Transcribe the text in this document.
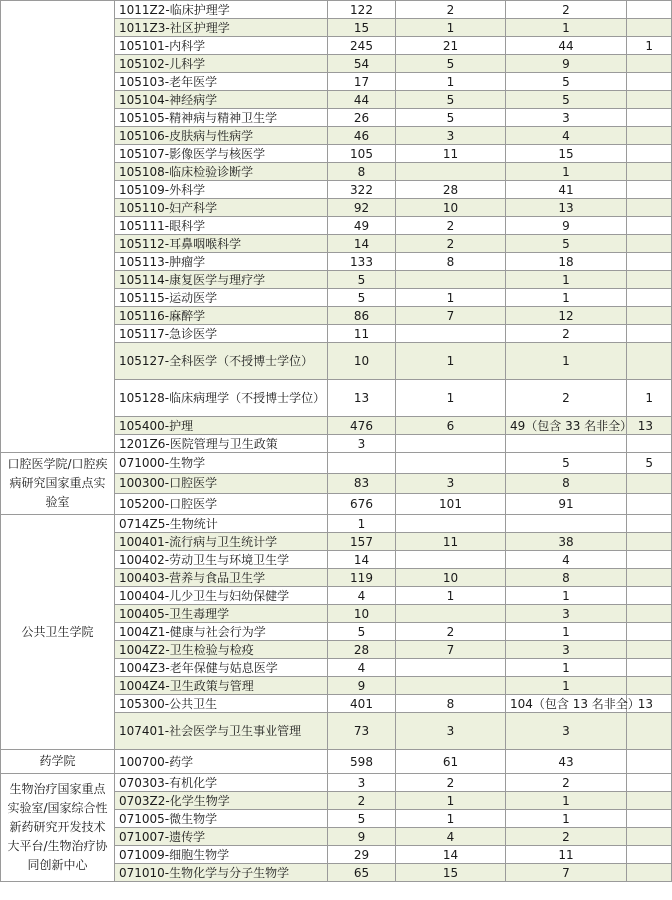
	1011Z2-临床护理学	122	2	2	
	1011Z3-社区护理学	15	1	1	
	105101-内科学	245	21	44	1
	105102-儿科学	54	5	9	
	105103-老年医学	17	1	5	
	105104-神经病学	44	5	5	
	105105-精神病与精神卫生学	26	5	3	
	105106-皮肤病与性病学	46	3	4	
	105107-影像医学与核医学	105	11	15	
	105108-临床检验诊断学	8		1	
	105109-外科学	322	28	41	
	105110-妇产科学	92	10	13	
	105111-眼科学	49	2	9	
	105112-耳鼻咽喉科学	14	2	5	
	105113-肿瘤学	133	8	18	
	105114-康复医学与理疗学	5		1	
	105115-运动医学	5	1	1	
	105116-麻醉学	86	7	12	
	105117-急诊医学	11		2	
	105127-全科医学（不授博士学位）	10	1	1	
	105128-临床病理学（不授博士学位）	13	1	2	1
	105400-护理	476	6	49（包含 33 名非全）	13
	1201Z6-医院管理与卫生政策	3			
口腔医学院/口腔疾病研究国家重点实验室	071000-生物学			5	5
	100300-口腔医学	83	3	8	
	105200-口腔医学	676	101	91	
公共卫生学院	0714Z5-生物统计	1			
	100401-流行病与卫生统计学	157	11	38	
	100402-劳动卫生与环境卫生学	14		4	
	100403-营养与食品卫生学	119	10	8	
	100404-儿少卫生与妇幼保健学	4	1	1	
	100405-卫生毒理学	10		3	
	1004Z1-健康与社会行为学	5	2	1	
	1004Z2-卫生检验与检疫	28	7	3	
	1004Z3-老年保健与姑息医学	4		1	
	1004Z4-卫生政策与管理	9		1	
	105300-公共卫生	401	8	104（包含 13 名非全）	13
	107401-社会医学与卫生事业管理	73	3	3	
药学院	100700-药学	598	61	43	
生物治疗国家重点实验室/国家综合性新药研究开发技术大平台/生物治疗协同创新中心	070303-有机化学	3	2	2	
	0703Z2-化学生物学	2	1	1	
	071005-微生物学	5	1	1	
	071007-遗传学	9	4	2	
	071009-细胞生物学	29	14	11	
	071010-生物化学与分子生物学	65	15	7	
